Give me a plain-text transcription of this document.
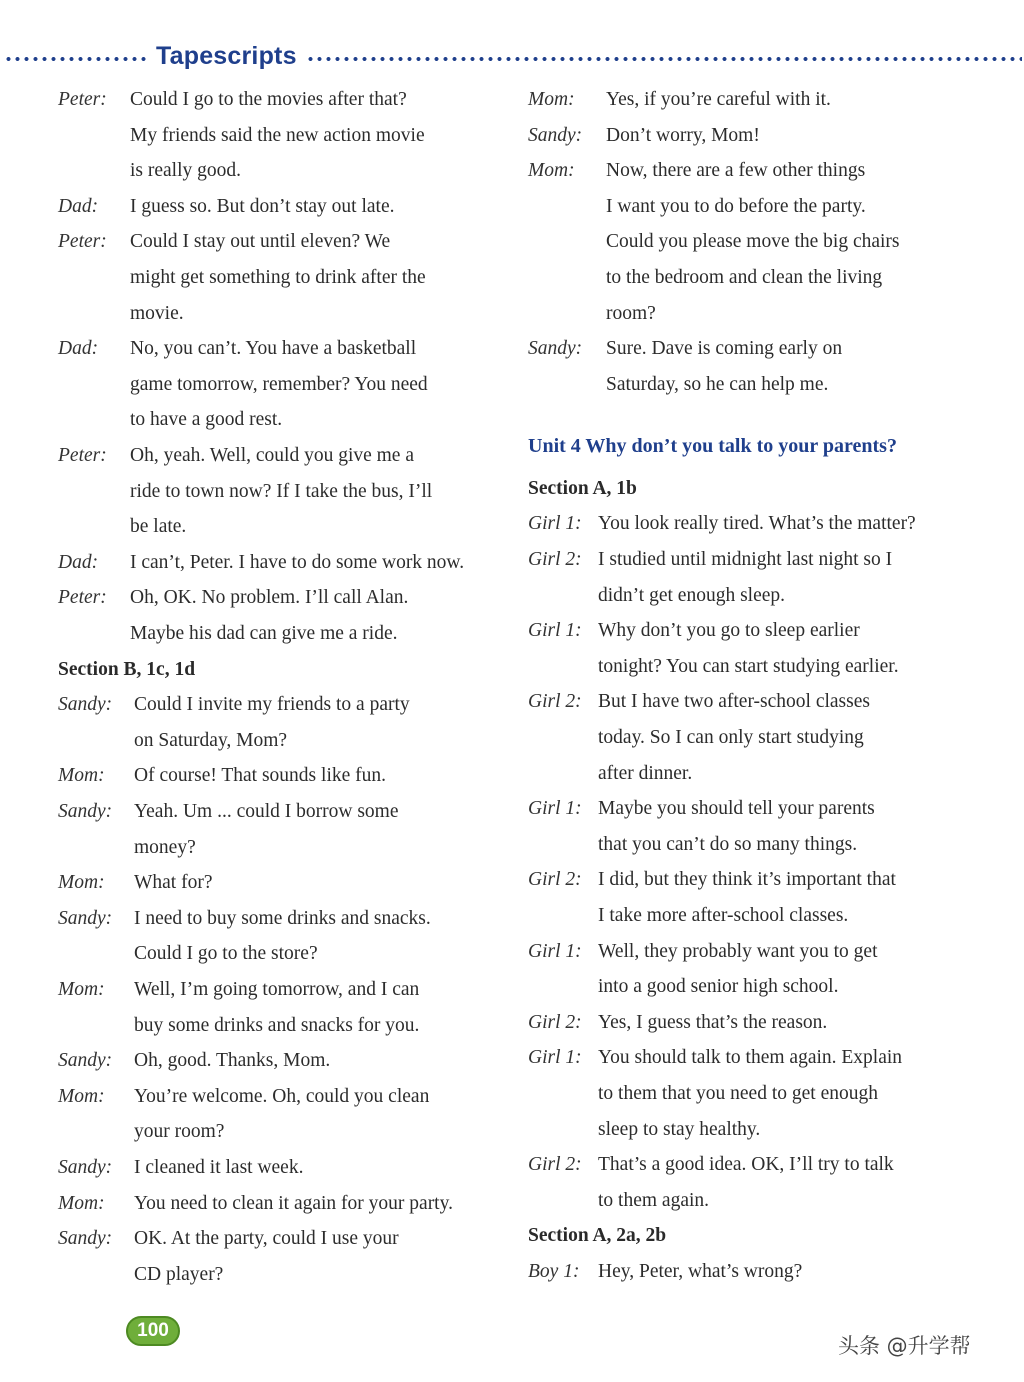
Tapescripts
Peter: Could I go to the movies after that?
My friends said the new action movie
is really good.
Dad: I guess so. But don’t stay out late.
Peter: Could I stay out until eleven? We
might get something to drink after the
movie.
Dad: No, you can’t. You have a basketball
game tomorrow, remember? You need
to have a good rest.
Peter: Oh, yeah. Well, could you give me a
ride to town now? If I take the bus, I’ll
be late.
Dad: I can’t, Peter. I have to do some work now.
Peter: Oh, OK. No problem. I’ll call Alan.
Maybe his dad can give me a ride.
Section B, 1c, 1d
Sandy: Could I invite my friends to a party
on Saturday, Mom?
Mom: Of course! That sounds like fun.
Sandy: Yeah. Um ... could I borrow some
money?
Mom: What for?
Sandy: I need to buy some drinks and snacks.
Could I go to the store?
Mom: Well, I’m going tomorrow, and I can
buy some drinks and snacks for you.
Sandy: Oh, good. Thanks, Mom.
Mom: You’re welcome. Oh, could you clean
your room?
Sandy: I cleaned it last week.
Mom: You need to clean it again for your party.
Sandy: OK. At the party, could I use your
CD player?
Mom: Yes, if you’re careful with it.
Sandy: Don’t worry, Mom!
Mom: Now, there are a few other things
I want you to do before the party.
Could you please move the big chairs
to the bedroom and clean the living
room?
Sandy: Sure. Dave is coming early on
Saturday, so he can help me.
Unit 4 Why don’t you talk to your parents?
Section A, 1b
Girl 1: You look really tired. What’s the matter?
Girl 2: I studied until midnight last night so I
didn’t get enough sleep.
Girl 1: Why don’t you go to sleep earlier
tonight? You can start studying earlier.
Girl 2: But I have two after-school classes
today. So I can only start studying
after dinner.
Girl 1: Maybe you should tell your parents
that you can’t do so many things.
Girl 2: I did, but they think it’s important that
I take more after-school classes.
Girl 1: Well, they probably want you to get
into a good senior high school.
Girl 2: Yes, I guess that’s the reason.
Girl 1: You should talk to them again. Explain
to them that you need to get enough
sleep to stay healthy.
Girl 2: That’s a good idea. OK, I’ll try to talk
to them again.
Section A, 2a, 2b
Boy 1: Hey, Peter, what’s wrong?
100
头条 @升学帮
